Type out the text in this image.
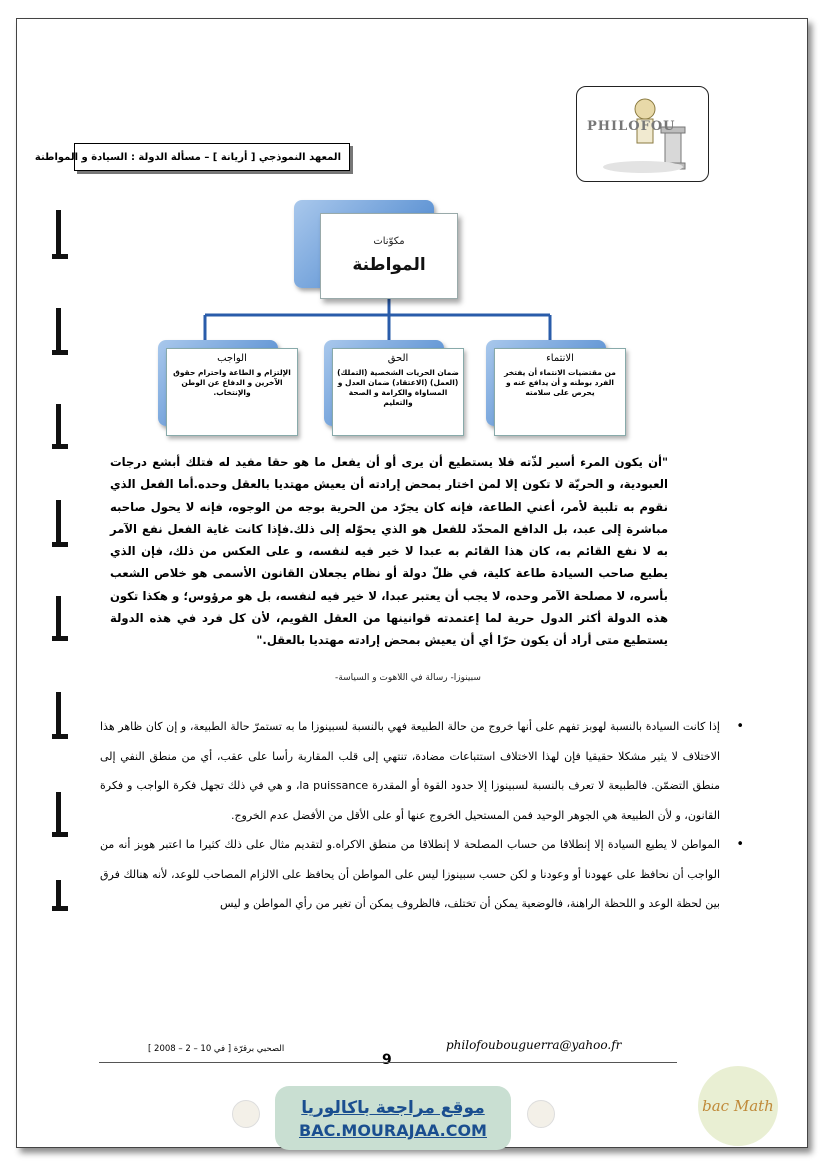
PHILOFOU
المعهد النموذجي [ أريانة ] – مسألة الدولة : السيادة و المواطنة
مكوّنات
المواطنة
الواجب
الإلتزام و الطاعة واحترام حقوق الآخرين و الدفاع عن الوطن والإنتخاب.
الحق
ضمان الحريات الشخصية (التملك) (العمل) (الاعتقاد) ضمان العدل و المساواة والكرامة و الصحة والتعليم
الانتماء
من مقتضيات الانتماء أن يفتخر الفرد بوطنه و أن يدافع عنه و يحرص على سلامته
"أن يكون المرء أسير لذّته فلا يستطيع أن يرى أو أن يفعل ما هو حقا مفيد له فتلك أبشع درجات العبودية، و الحريّة لا تكون إلا لمن اختار بمحض إرادته أن يعيش مهتديا بالعقل وحده.أما الفعل الذي نقوم به تلبية لأمر، أعني الطاعة، فإنه كان يجرّد من الحرية بوجه من الوجوه، فإنه لا يحول صاحبه مباشرة إلى عبد، بل الدافع المحدّد للفعل هو الذي يحوّله إلى ذلك.فإذا كانت غاية الفعل نفع الآمر به لا نفع القائم به، كان هذا القائم به عبدا لا خير فيه لنفسه، و على العكس من ذلك، فإن الذي يطيع صاحب السيادة طاعة كلية، في ظلّ دولة أو نظام يجعلان القانون الأسمى هو خلاص الشعب بأسره، لا مصلحة الآمر وحده، لا يجب أن يعتبر عبدا، لا خير فيه لنفسه، بل هو مرؤوس؛ و هكذا تكون هذه الدولة أكثر الدول حرية لما إعتمدته قوانينها من العقل القويم، لأن كل فرد في هذه الدولة يستطيع متى أراد أن يكون حرّا أي أن يعيش بمحض إرادته مهتديا بالعقل."
سبينوزا- رسالة في اللاهوت و السياسة-
•
إذا كانت السيادة بالنسبة لهوبز تفهم على أنها خروج من حالة الطبيعة فهي بالنسبة لسبينوزا ما به تستمرّ حالة الطبيعة، و إن كان ظاهر هذا الاختلاف لا يثير مشكلا حقيقيا فإن لهذا الاختلاف استتباعات مضادة، تنتهي إلى قلب المقاربة رأسا على عقب، أي من منطق النفي إلى منطق التضمّن. فالطبيعة لا تعرف بالنسبة لسبينوزا إلا حدود القوة أو المقدرة la puissance، و هي في ذلك تجهل فكرة الواجب و فكرة القانون، و لأن الطبيعة هي الجوهر الوحيد فمن المستحيل الخروج عنها أو على الأقل من الأفضل عدم الخروج.
•
المواطن لا يطيع السيادة إلا إنطلاقا من حساب المصلحة لا إنطلاقا من منطق الاكراه.و لتقديم مثال على ذلك كثيرا ما اعتبر هوبز أنه من الواجب أن نحافظ على عهودنا أو وعودنا و لكن حسب سبينوزا ليس على المواطن أن يحافظ على الالزام المصاحب للوعد، لأنه هنالك فرق بين لحظة الوعد و اللحظة الراهنة، فالوضعية يمكن أن تختلف، فالظروف يمكن أن تغير من رأي المواطن و ليس
الصحبي برقرّة [ في 10 – 2 – 2008 ]
9
philofoubouguerra@yahoo.fr
موقع مراجعة باكالوريا
BAC.MOURAJAA.COM
bac Math
